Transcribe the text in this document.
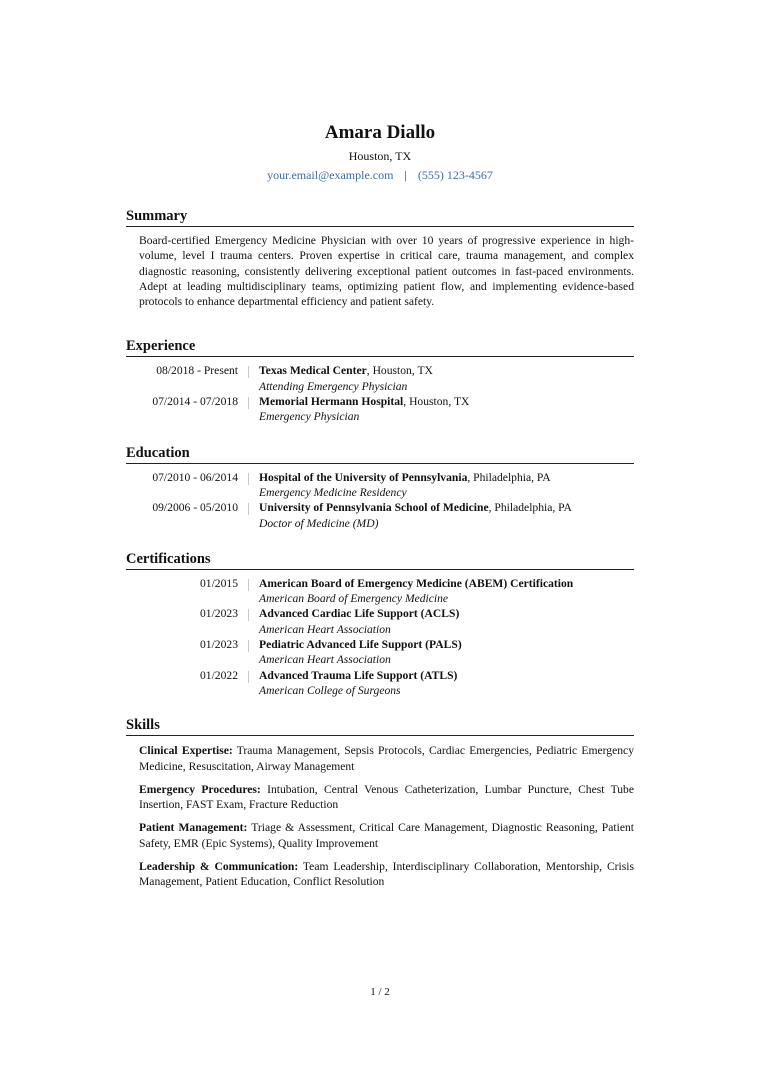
Amara Diallo
Houston, TX
your.email@example.com | (555) 123-4567
Summary

Board-certified Emergency Medicine Physician with over 10 years of progressive experience in high-volume, level I trauma centers. Proven expertise in critical care, trauma management, and complex diagnostic reasoning, consistently delivering exceptional patient outcomes in fast-paced environments. Adept at leading multidisciplinary teams, optimizing patient flow, and implementing evidence-based protocols to enhance departmental efficiency and patient safety.

Experience
08/2018 - Present Texas Medical Center, Houston, TX
Attending Emergency Physician
07/2014 - 07/2018 Memorial Hermann Hospital, Houston, TX
Emergency Physician
Education
07/2010 - 06/2014 Hospital of the University of Pennsylvania, Philadelphia, PA
Emergency Medicine Residency
09/2006 - 05/2010 University of Pennsylvania School of Medicine, Philadelphia, PA
Doctor of Medicine (MD)
Certifications
01/2015 American Board of Emergency Medicine (ABEM) Certification
American Board of Emergency Medicine
01/2023 Advanced Cardiac Life Support (ACLS)
American Heart Association
01/2023 Pediatric Advanced Life Support (PALS)
American Heart Association
01/2022 Advanced Trauma Life Support (ATLS)
American College of Surgeons
Skills
Clinical Expertise: Trauma Management, Sepsis Protocols, Cardiac Emergencies, Pediatric Emergency Medicine, Resuscitation, Airway Management
Emergency Procedures: Intubation, Central Venous Catheterization, Lumbar Puncture, Chest Tube Insertion, FAST Exam, Fracture Reduction
Patient Management: Triage & Assessment, Critical Care Management, Diagnostic Reasoning, Patient Safety, EMR (Epic Systems), Quality Improvement
Leadership & Communication: Team Leadership, Interdisciplinary Collaboration, Mentorship, Crisis Management, Patient Education, Conflict Resolution
1 / 2
